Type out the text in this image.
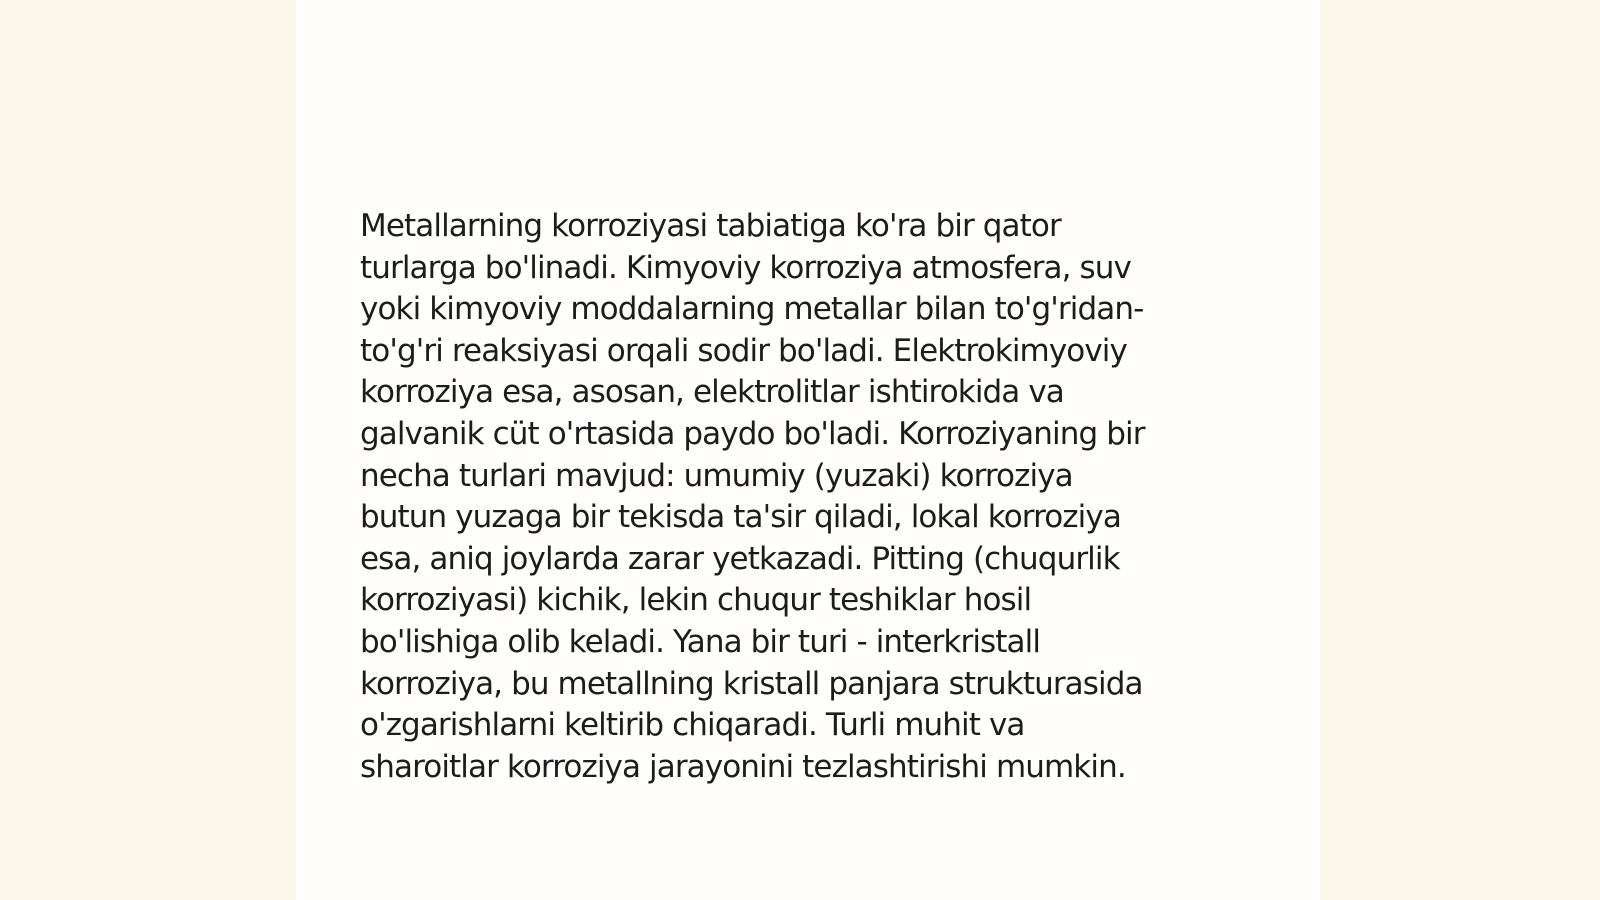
Metallarning korroziyasi tabiatiga ko'ra bir qator
turlarga bo'linadi. Kimyoviy korroziya atmosfera, suv
yoki kimyoviy moddalarning metallar bilan to'g'ridan-
to'g'ri reaksiyasi orqali sodir bo'ladi. Elektrokimyoviy
korroziya esa, asosan, elektrolitlar ishtirokida va
galvanik cüt o'rtasida paydo bo'ladi. Korroziyaning bir
necha turlari mavjud: umumiy (yuzaki) korroziya
butun yuzaga bir tekisda ta'sir qiladi, lokal korroziya
esa, aniq joylarda zarar yetkazadi. Pitting (chuqurlik
korroziyasi) kichik, lekin chuqur teshiklar hosil
bo'lishiga olib keladi. Yana bir turi - interkristall
korroziya, bu metallning kristall panjara strukturasida
o'zgarishlarni keltirib chiqaradi. Turli muhit va
sharoitlar korroziya jarayonini tezlashtirishi mumkin.
